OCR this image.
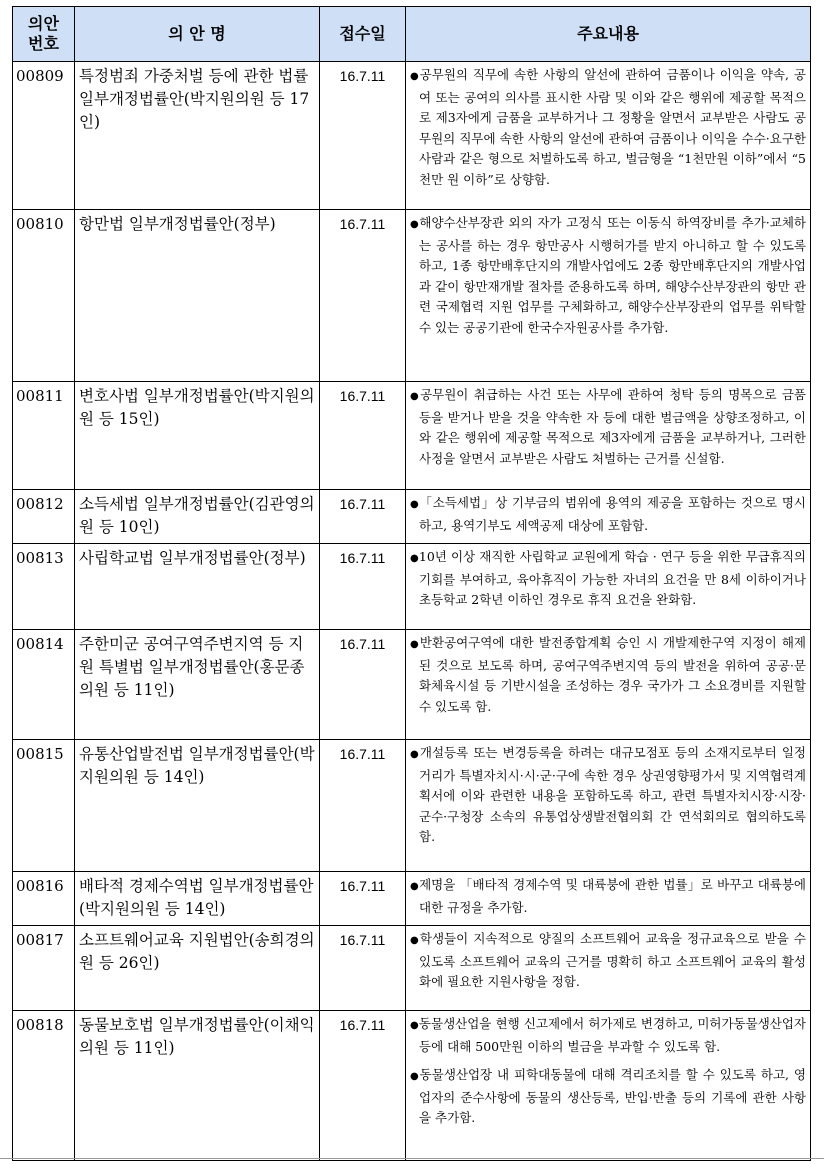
의안
번호	의 안 명	접수일	주요내용
00809	특정범죄 가중처벌 등에 관한 법률 일부개정법률안(박지원의원 등 17인)	16.7.11	●공무원의 직무에 속한 사항의 알선에 관하여 금품이나 이익을 약속, 공여 또는 공여의 의사를 표시한 사람 및 이와 같은 행위에 제공할 목적으로 제3자에게 금품을 교부하거나 그 정황을 알면서 교부받은 사람도 공무원의 직무에 속한 사항의 알선에 관하여 금품이나 이익을 수수·요구한 사람과 같은 형으로 처벌하도록 하고, 벌금형을 “1천만원 이하”에서 “5천만 원 이하”로 상향함.

00810	항만법 일부개정법률안(정부)	16.7.11	●해양수산부장관 외의 자가 고정식 또는 이동식 하역장비를 추가·교체하는 공사를 하는 경우 항만공사 시행허가를 받지 아니하고 할 수 있도록 하고, 1종 항만배후단지의 개발사업에도 2종 항만배후단지의 개발사업과 같이 항만재개발 절차를 준용하도록 하며, 해양수산부장관의 항만 관련 국제협력 지원 업무를 구체화하고, 해양수산부장관의 업무를 위탁할 수 있는 공공기관에 한국수자원공사를 추가함.

00811	변호사법 일부개정법률안(박지원의원 등 15인)	16.7.11	●공무원이 취급하는 사건 또는 사무에 관하여 청탁 등의 명목으로 금품 등을 받거나 받을 것을 약속한 자 등에 대한 벌금액을 상향조정하고, 이와 같은 행위에 제공할 목적으로 제3자에게 금품을 교부하거나, 그러한 사정을 알면서 교부받은 사람도 처벌하는 근거를 신설함.

00812	소득세법 일부개정법률안(김관영의원 등 10인)	16.7.11	●「소득세법」상 기부금의 범위에 용역의 제공을 포함하는 것으로 명시하고, 용역기부도 세액공제 대상에 포함함.

00813	사립학교법 일부개정법률안(정부)	16.7.11	●10년 이상 재직한 사립학교 교원에게 학습 · 연구 등을 위한 무급휴직의 기회를 부여하고, 육아휴직이 가능한 자녀의 요건을 만 8세 이하이거나 초등학교 2학년 이하인 경우로 휴직 요건을 완화함.

00814	주한미군 공여구역주변지역 등 지원 특별법 일부개정법률안(홍문종의원 등 11인)	16.7.11	●반환공여구역에 대한 발전종합계획 승인 시 개발제한구역 지정이 해제된 것으로 보도록 하며, 공여구역주변지역 등의 발전을 위하여 공공·문화체육시설 등 기반시설을 조성하는 경우 국가가 그 소요경비를 지원할 수 있도록 함.

00815	유통산업발전법 일부개정법률안(박지원의원 등 14인)	16.7.11	●개설등록 또는 변경등록을 하려는 대규모점포 등의 소재지로부터 일정 거리가 특별자치시·시·군·구에 속한 경우 상권영향평가서 및 지역협력계획서에 이와 관련한 내용을 포함하도록 하고, 관련 특별자치시장·시장·군수·구청장 소속의 유통업상생발전협의회 간 연석회의로 협의하도록 함.

00816	배타적 경제수역법 일부개정법률안(박지원의원 등 14인)	16.7.11	●제명을 「배타적 경제수역 및 대륙붕에 관한 법률」로 바꾸고 대륙붕에 대한 규정을 추가함.

00817	소프트웨어교육 지원법안(송희경의원 등 26인)	16.7.11	●학생들이 지속적으로 양질의 소프트웨어 교육을 정규교육으로 받을 수 있도록 소프트웨어 교육의 근거를 명확히 하고 소프트웨어 교육의 활성화에 필요한 지원사항을 정함.

00818	동물보호법 일부개정법률안(이채익의원 등 11인)	16.7.11	●동물생산업을 현행 신고제에서 허가제로 변경하고, 미허가동물생산업자 등에 대해 500만원 이하의 벌금을 부과할 수 있도록 함.
●동물생산업장 내 피학대동물에 대해 격리조치를 할 수 있도록 하고, 영업자의 준수사항에 동물의 생산등록, 반입·반출 등의 기록에 관한 사항을 추가함.
